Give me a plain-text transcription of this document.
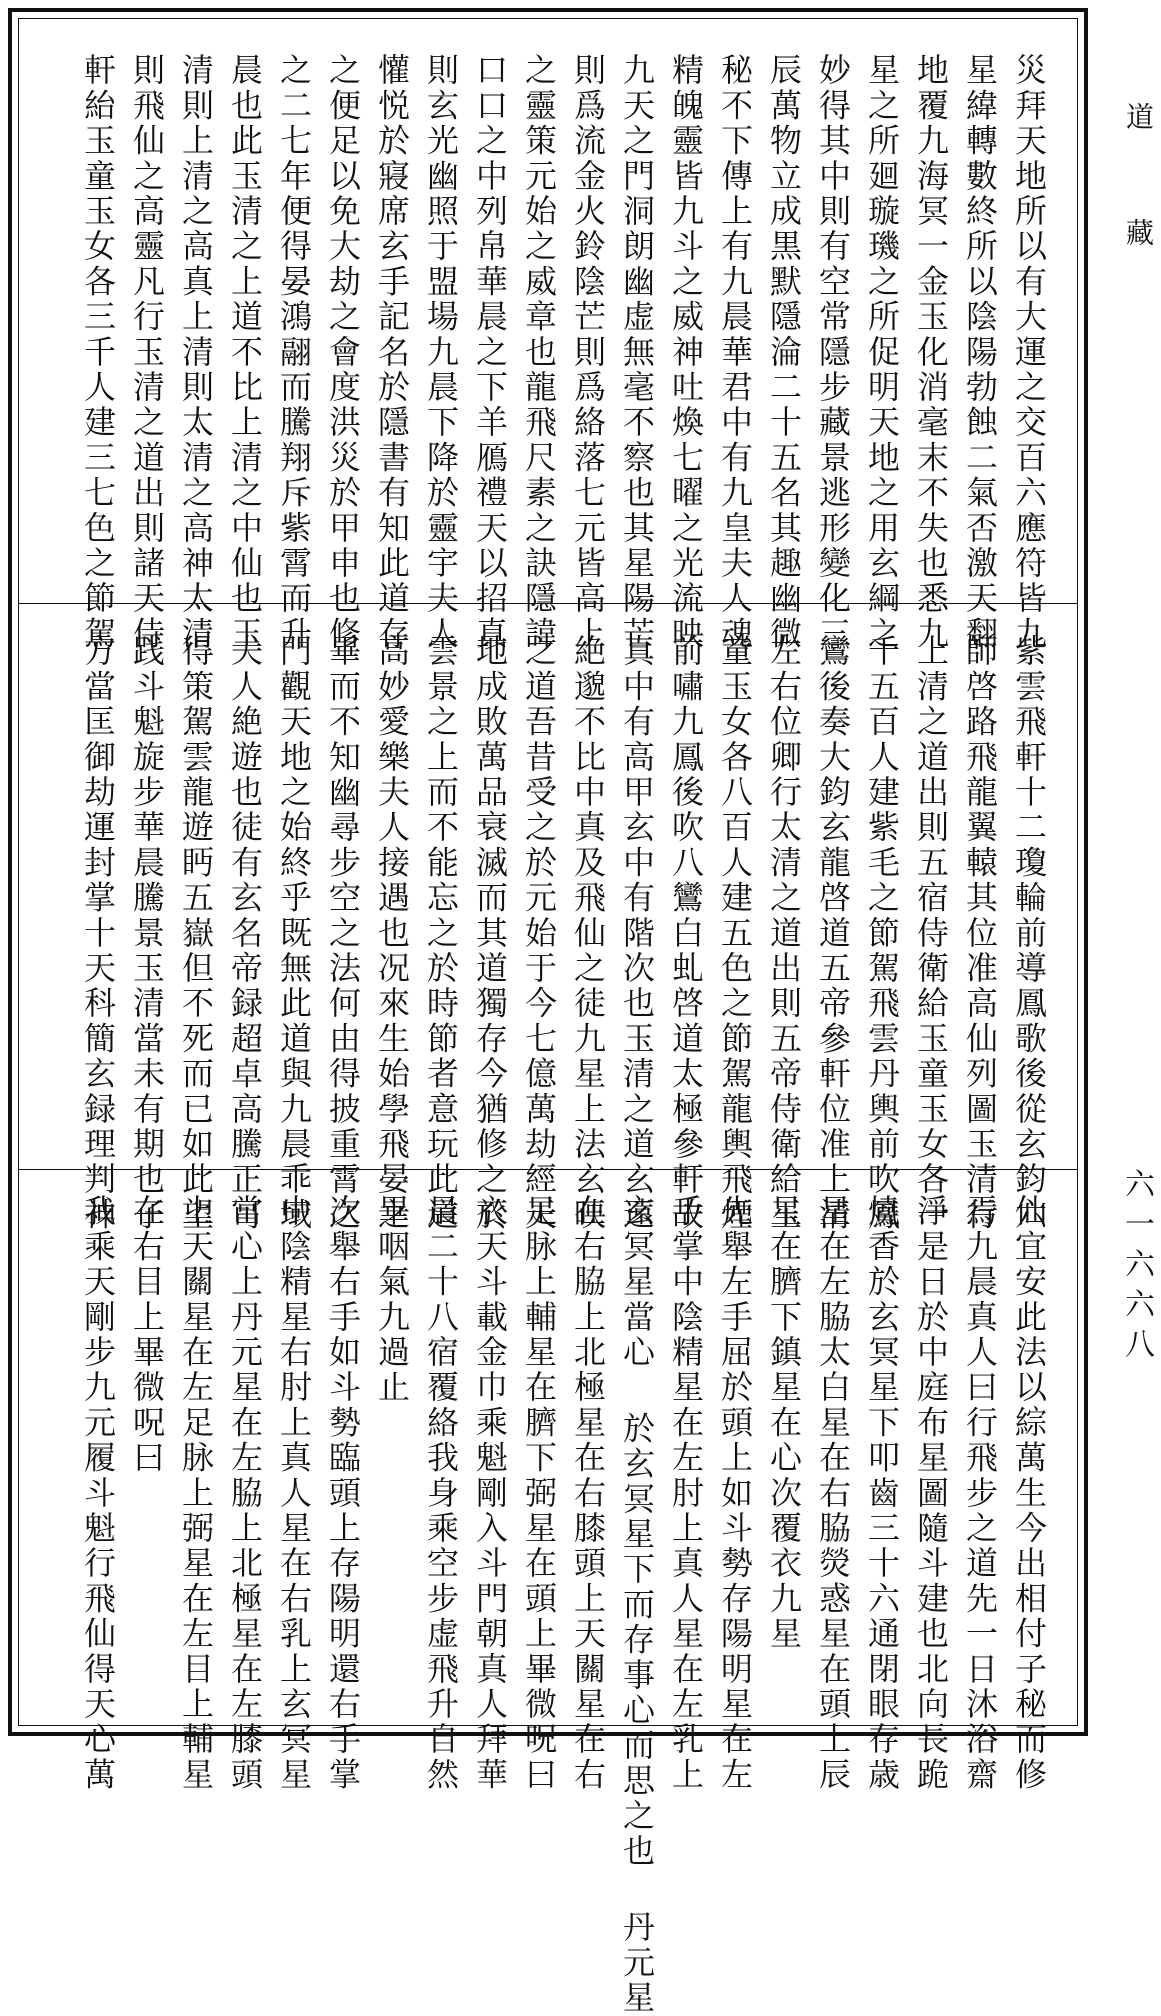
災拜天地所以有大運之交百六應符皆九
星緯轉數終所以陰陽勃蝕二氣否激天翻
地覆九海冥一金玉化消毫末不失也悉九
星之所廻璇璣之所促明天地之用玄綱之
妙得其中則有空常隱步藏景逃形變化三
辰萬物立成黒默隱淪二十五名其趣幽微
秘不下傳上有九晨華君中有九皇夫人魂
精魄靈皆九斗之威神吐煥七曜之光流映
九天之門洞朗幽虚無毫不察也其星陽芒
則爲流金火鈴陰芒則爲絡落七元皆高上
之靈策元始之威章也龍飛尺素之訣隱諱
口口之中列帛華晨之下羊鴈禮天以招真
則玄光幽照于盟場九晨下降於靈宇夫人
懽悦於寢席玄手記名於隱書有知此道存
之便足以免大劫之會度洪災於甲申也修
之二七年便得晏鴻翮而騰翔斥紫霄而升
晨也此玉清之上道不比上清之中仙也玉
清則上清之高真上清則太清之高神太清
則飛仙之高靈凡行玉清之道出則諸天侍
軒紿玉童玉女各三千人建三七色之節駕
紫雲飛軒十二瓊輪前導鳳歌後從玄鈞六
師啓路飛龍翼轅其位准高仙列圖玉清行
上清之道出則五宿侍衛給玉童玉女各一
千五百人建紫毛之節駕飛雲丹輿前吹鳳
鸞後奏大鈞玄龍啓道五帝參軒位准上清
左右位卿行太清之道出則五帝侍衛給玉
童玉女各八百人建五色之節駕龍輿飛煙
前嘯九鳳後吹八鸞白虬啓道太極參軒故
真中有高甲玄中有階次也玉清之道玄遠
絶邈不比中真及飛仙之徒九星上法玄映
之道吾昔受之於元始于今七億萬劫經天
地成敗萬品衰滅而其道獨存今猶修之於
雲景之上而不能忘之於時節者意玩此道
高妙愛樂夫人接遇也况來生始學飛晏之
畢而不知幽尋步空之法何由得披重霄之
門觀天地之始終乎既無此道與九晨乖域
夫人絶遊也徒有玄名帝録超卓高騰正可
得策駕雲龍遊眄五嶽但不死而已如此望
践斗魁旋步華晨騰景玉清當未有期也子
方當匡御劫運封掌十天科簡玄録理判神
仙宜安此法以綜萬生今出相付子秘而修
焉九晨真人曰行飛步之道先一日沐浴齋
淨是日於中庭布星圖隨斗建也北向長跪
燒香於玄冥星下叩齒三十六通閉眼存歳
星在左脇太白星在右脇熒惑星在頭上辰
星在臍下鎮星在心次覆衣九星
先舉左手屈於頭上如斗勢存陽明星在左
手掌中陰精星在左肘上真人星在左乳上
玄冥星當心 於玄冥星下而存事心而思之也 丹元星
在右脇上北極星在右膝頭上天關星在右
足脉上輔星在臍下弼星在頭上畢微呪曰
衣天斗載金巾乘魁剛入斗門朝真人拜華
晨二十八宿覆絡我身乘空步虚飛升自然
畢咽氣九過止
次舉右手如斗勢臨頭上存陽明還右手掌
中陰精星右肘上真人星在右乳上玄冥星
當心上丹元星在左脇上北極星在左膝頭
上天關星在左足脉上弼星在左目上輔星
在右目上畢微呪曰
我乘天剛步九元履斗魁行飛仙得天心萬
道藏
六一六六八
